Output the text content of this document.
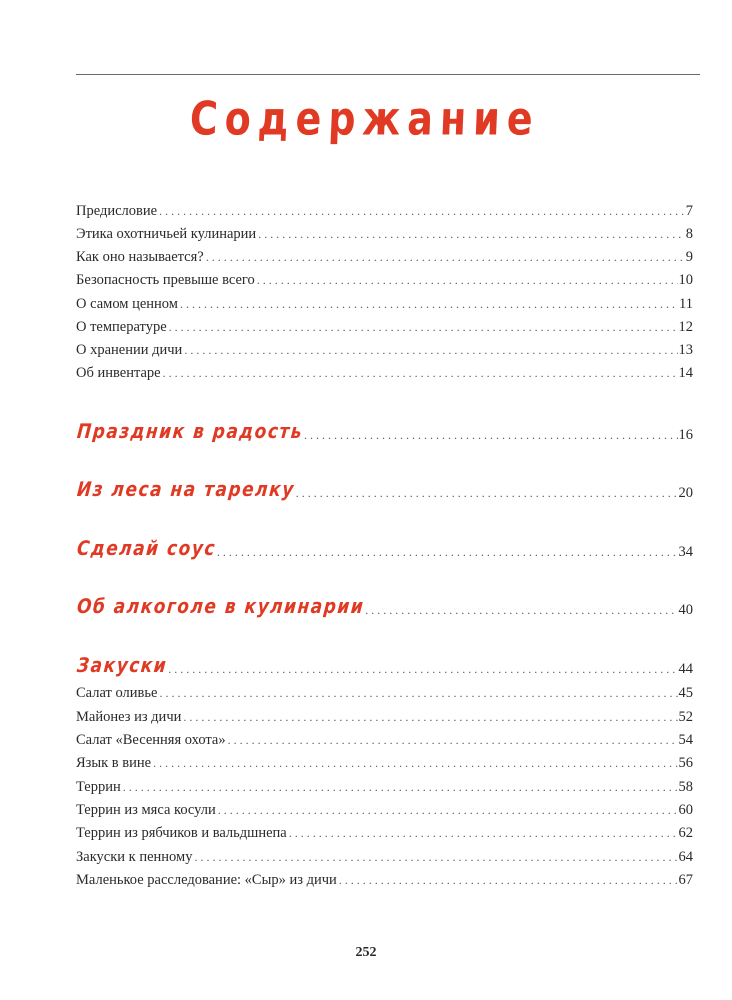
Содержание
Предисловие . . .	7
Этика охотничьей кулинарии . . .	8
Как оно называется? . . .	9
Безопасность превыше всего . . .	10
О самом ценном . . .	11
О температуре . . .	12
О хранении дичи . . .	13
Об инвентаре . . .	14
Праздник в радость . . .	16
Из леса на тарелку . . .	20
Сделай соус . . .	34
Об алкоголе в кулинарии . . .	40
Закуски . . .	44
Салат оливье . . .	45
Майонез из дичи . . .	52
Салат «Весенняя охота» . . .	54
Язык в вине . . .	56
Террин . . .	58
Террин из мяса косули . . .	60
Террин из рябчиков и вальдшнепа . . .	62
Закуски к пенному . . .	64
Маленькое расследование: «Сыр» из дичи . . .	67
252
